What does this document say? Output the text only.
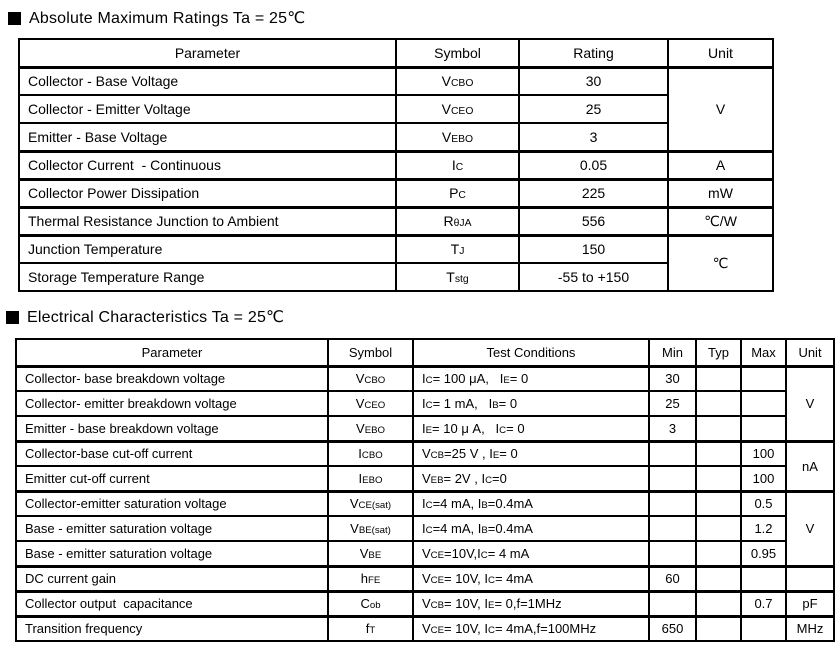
Absolute Maximum Ratings Ta = 25℃
Parameter	Symbol	Rating	Unit
Collector - Base Voltage	VCBO	30	V
Collector - Emitter Voltage	VCEO	25	
Emitter - Base Voltage	VEBO	3	
Collector Current  - Continuous	IC	0.05	A
Collector Power Dissipation	PC	225	mW
Thermal Resistance Junction to Ambient	RθJA	556	℃/W
Junction Temperature	TJ	150	℃
Storage Temperature Range	Tstg	-55 to +150	
Electrical Characteristics Ta = 25℃
Parameter	Symbol	Test Conditions	Min	Typ	Max	Unit
Collector- base breakdown voltage	VCBO	IC= 100 μA,   IE= 0	30			V
Collector- emitter breakdown voltage	VCEO	IC= 1 mA,   IB= 0	25			
Emitter - base breakdown voltage	VEBO	IE= 10 μ A,   IC= 0	3			
Collector-base cut-off current	ICBO	VCB=25 V , IE= 0			100	nA
Emitter cut-off current	IEBO	VEB= 2V , IC=0			100	
Collector-emitter saturation voltage	VCE(sat)	IC=4 mA, IB=0.4mA			0.5	V
Base - emitter saturation voltage	VBE(sat)	IC=4 mA, IB=0.4mA			1.2	
Base - emitter saturation voltage	VBE	VCE=10V,IC= 4 mA			0.95	
DC current gain	hFE	VCE= 10V, IC= 4mA	60			
Collector output  capacitance	Cob	VCB= 10V, IE= 0,f=1MHz			0.7	pF
Transition frequency	fT	VCE= 10V, IC= 4mA,f=100MHz	650			MHz
